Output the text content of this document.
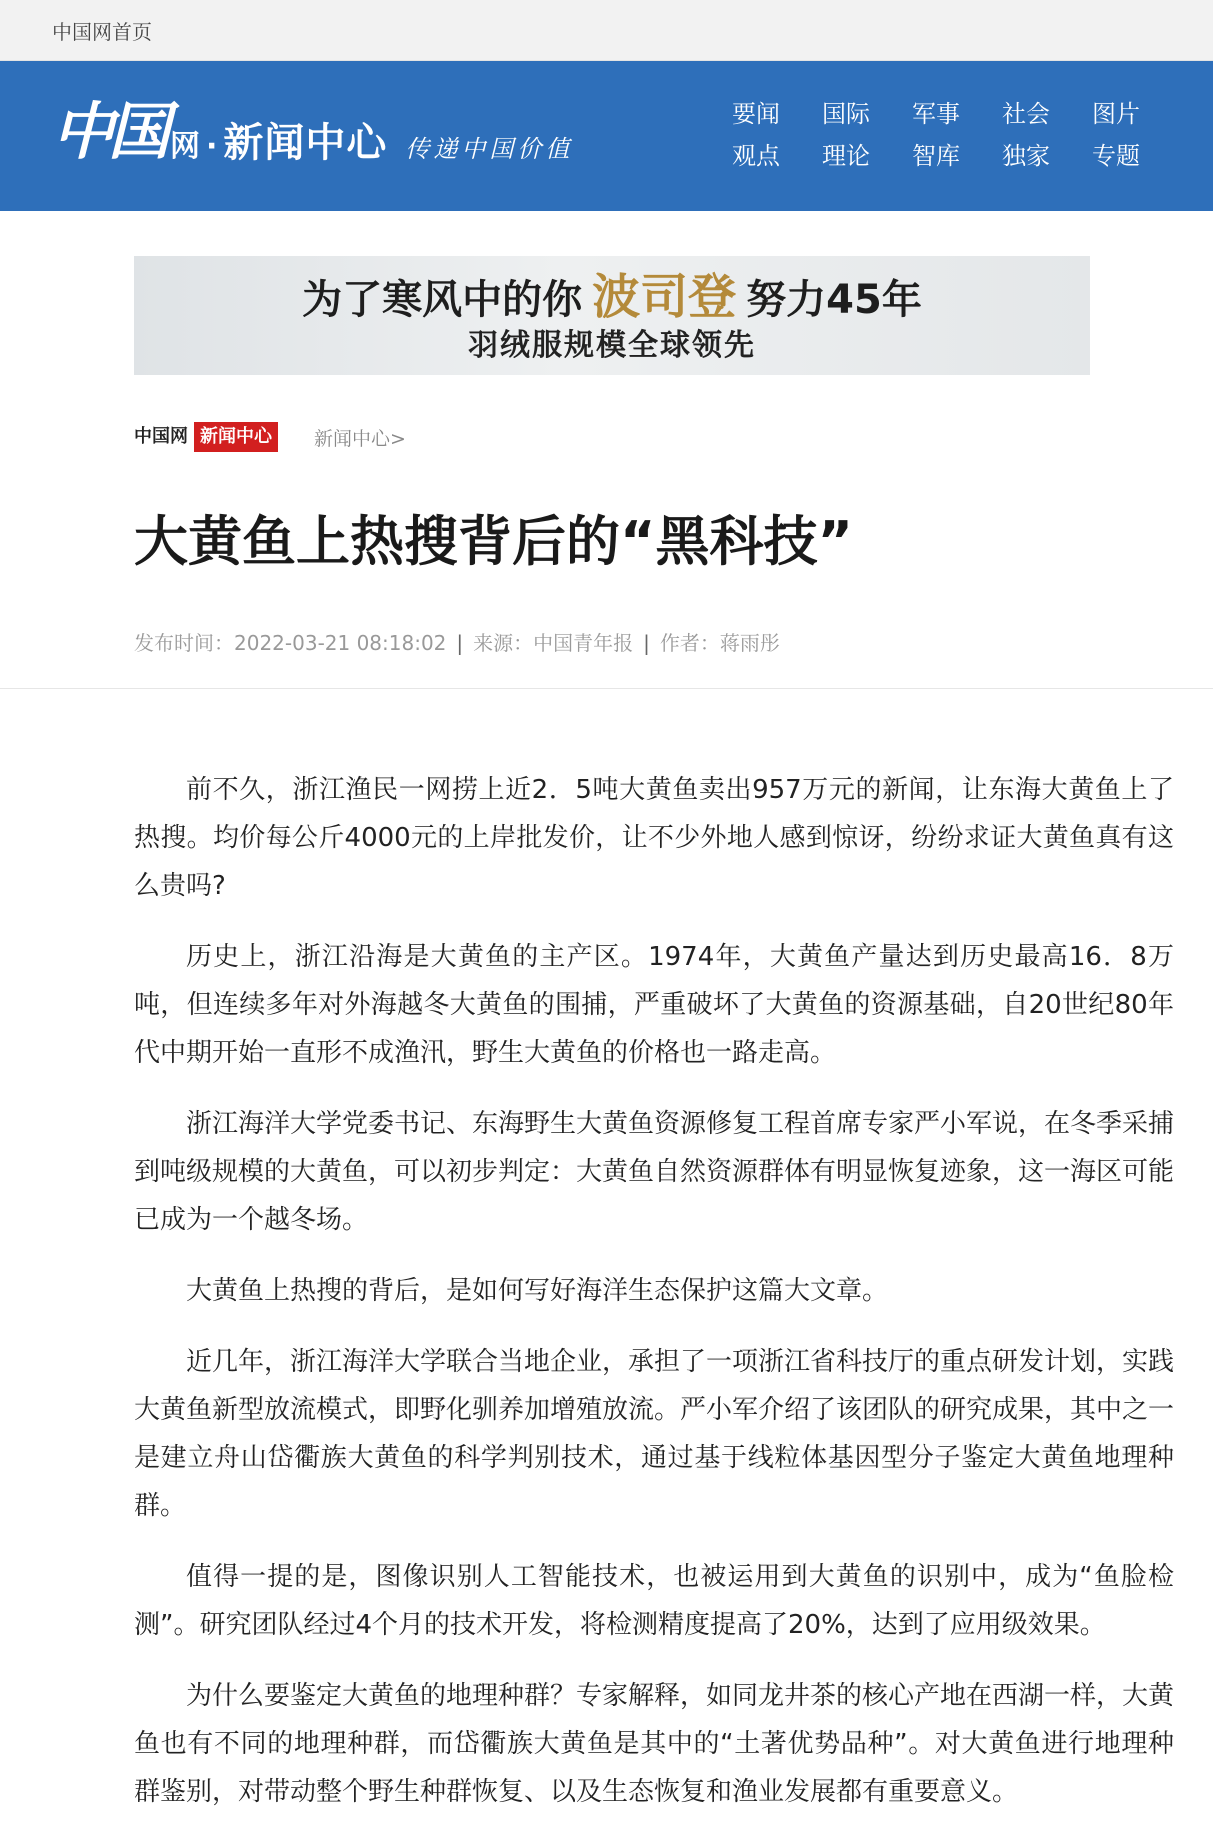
中国网首页
中国 网 · 新闻中心 传递中国价值
要闻	国际	军事	社会	图片
观点	理论	智库	独家	专题
为了寒风中的你 波司登 努力45年
羽绒服规模全球领先
中国网 新闻中心	新闻中心>
大黄鱼上热搜背后的“黑科技”
发布时间：2022-03-21 08:18:02 | 来源：中国青年报 | 作者：蒋雨彤

前不久，浙江渔民一网捞上近2．5吨大黄鱼卖出957万元的新闻，让东海大黄鱼上了热搜。均价每公斤4000元的上岸批发价，让不少外地人感到惊讶，纷纷求证大黄鱼真有这么贵吗?

历史上，浙江沿海是大黄鱼的主产区。1974年，大黄鱼产量达到历史最高16．8万吨，但连续多年对外海越冬大黄鱼的围捕，严重破坏了大黄鱼的资源基础，自20世纪80年代中期开始一直形不成渔汛，野生大黄鱼的价格也一路走高。

浙江海洋大学党委书记、东海野生大黄鱼资源修复工程首席专家严小军说，在冬季采捕到吨级规模的大黄鱼，可以初步判定：大黄鱼自然资源群体有明显恢复迹象，这一海区可能已成为一个越冬场。

大黄鱼上热搜的背后，是如何写好海洋生态保护这篇大文章。

近几年，浙江海洋大学联合当地企业，承担了一项浙江省科技厅的重点研发计划，实践大黄鱼新型放流模式，即野化驯养加增殖放流。严小军介绍了该团队的研究成果，其中之一是建立舟山岱衢族大黄鱼的科学判别技术，通过基于线粒体基因型分子鉴定大黄鱼地理种群。

值得一提的是，图像识别人工智能技术，也被运用到大黄鱼的识别中，成为“鱼脸检测”。研究团队经过4个月的技术开发，将检测精度提高了20%，达到了应用级效果。

为什么要鉴定大黄鱼的地理种群？专家解释，如同龙井茶的核心产地在西湖一样，大黄鱼也有不同的地理种群，而岱衢族大黄鱼是其中的“土著优势品种”。对大黄鱼进行地理种群鉴别，对带动整个野生种群恢复、以及生态恢复和渔业发展都有重要意义。
